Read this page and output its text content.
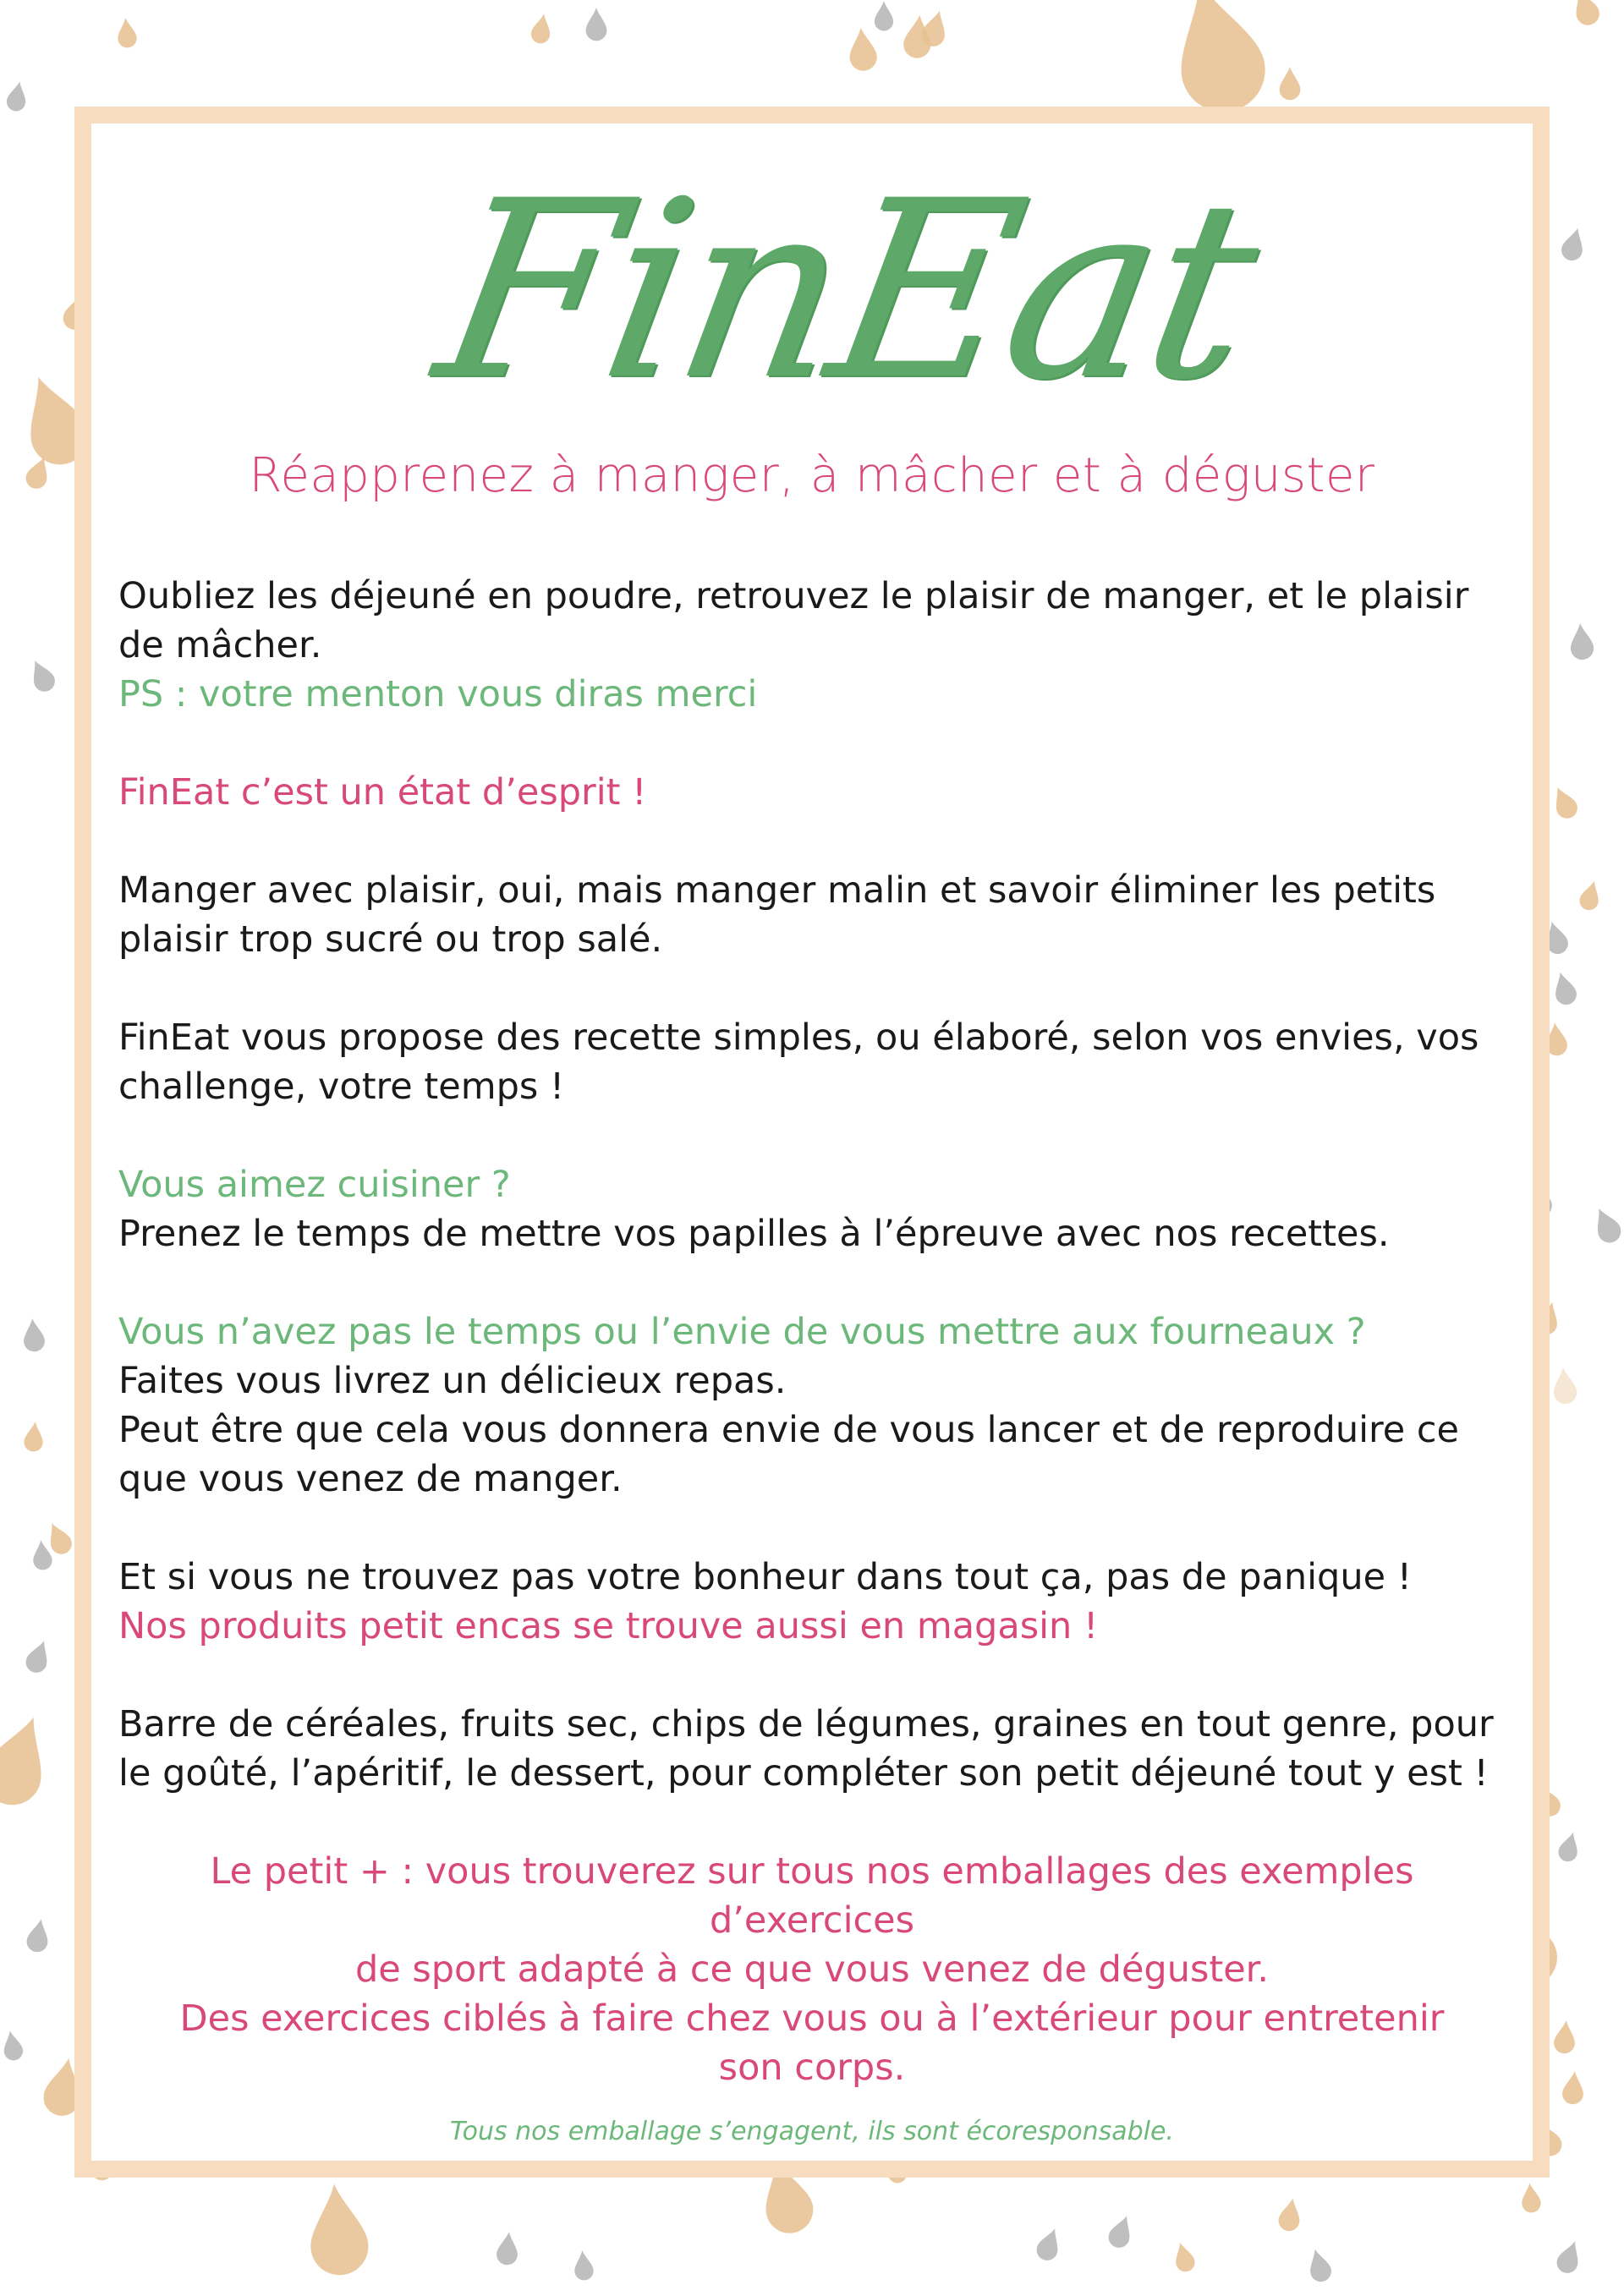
FinEat
Réapprenez à manger, à mâcher et à déguster

Oubliez les déjeuné en poudre, retrouvez le plaisir de manger, et le plaisir

de mâcher.

PS : votre menton vous diras merci

FinEat c’est un état d’esprit !

Manger avec plaisir, oui, mais manger malin et savoir éliminer les petits

plaisir trop sucré ou trop salé.

FinEat vous propose des recette simples, ou élaboré, selon vos envies, vos

challenge, votre temps !

Vous aimez cuisiner ?

Prenez le temps de mettre vos papilles à l’épreuve avec nos recettes.

Vous n’avez pas le temps ou l’envie de vous mettre aux fourneaux ?

Faites vous livrez un délicieux repas.

Peut être que cela vous donnera envie de vous lancer et de reproduire ce

que vous venez de manger.

Et si vous ne trouvez pas votre bonheur dans tout ça, pas de panique !

Nos produits petit encas se trouve aussi en magasin !

Barre de céréales, fruits sec, chips de légumes, graines en tout genre, pour

le goûté, l’apéritif, le dessert, pour compléter son petit déjeuné tout y est !

Le petit + : vous trouverez sur tous nos emballages des exemples d’exercices

de sport adapté à ce que vous venez de déguster.

Des exercices ciblés à faire chez vous ou à l’extérieur pour entretenir

son corps.

Tous nos emballage s’engagent, ils sont écoresponsable.
